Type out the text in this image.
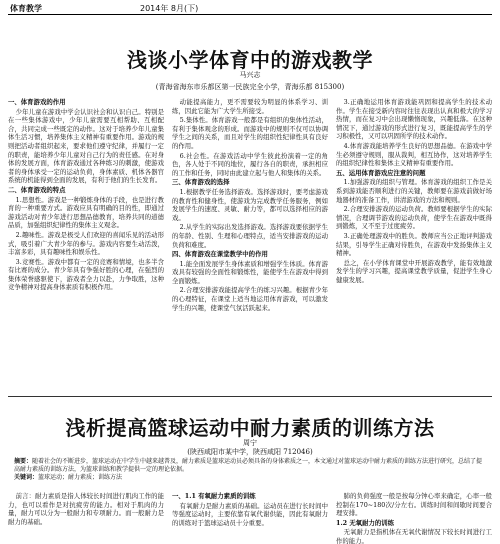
体育教学	2014年 8月(下)
浅谈小学体育中的游戏教学
马兴志
(青海省海东市乐都区第一民族完全小学，青海乐都 815300)

一、体育游戏的作用

少年儿童在游戏中学会认识社会和认识自己。特别是在一些集体游戏中，少年儿童需要互相帮助、互相配合，共同完成一些既定的动作。这对于培养少年儿童集体生活习惯，培养集体主义精神有重要作用。游戏的规则把活动者组织起来，要求他们遵守纪律，并履行一定的职责，能培养少年儿童对自己行为的责任感。在对身体的发展方面，体育游戏通过各种练习的刺激，使游戏者的身体承受一定的运动负荷，身体素质、机体各器官系统的机能得到全面的发展，有利于他们的生长发育。

二、体育游戏的特点

1.思想性。游戏是一种锻炼身体的手段，也是进行教育的一种重要方式。游戏应具有明确的目的性，即通过游戏活动对青少年进行思想品德教育，培养共同的道德品质，加强组织纪律性的集体主义观念。

2.趣味性。游戏是极受人们欢迎的喜闻乐见的活动形式，吸引着广大青少年的参与。游戏内容要生动活泼，丰富多彩，具有趣味性和娱乐性。

3.竞赛性。游戏中都有一定的竞赛和情境，也多半含有比赛的成分。青少年具有争强好胜的心理，在强烈的集体荣誉感驱使下，游戏者全力以赴，力争取胜，这种竞争精神对提高身体素质有积极作用。

动能提高能力，更不需要较为明显的体系学习、训练，因此它能为广大学生所接受。

5.集体性。体育游戏一般都是有组织的集体性活动，有利于集体观念的形成。而游戏中的规则不仅可以协调学生之间的关系，而且对学生的组织性纪律性具有良好的作用。

6.社会性。在游戏活动中学生彼此扮演着一定的角色，各人处于不同的地位，履行各自的职责，承担相应的工作和任务，同时由此建立起与他人和集体的关系。

三、体育游戏的选择

1.根据教学任务选择游戏。选择游戏时，要考虑游戏的教育性和健身性，使游戏为完成教学任务服务，例如发展学生的速度、灵敏、耐力等，都可以选择相应的游戏。

2.从学生的实际出发选择游戏。选择游戏要依据学生的年龄、性别、生理和心理特点，适当安排游戏的运动负荷和难度。

四、体育游戏在课堂教学中的作用

1.能全面发展学生身体素质和增强学生体质。体育游戏具有较强的全面性和锻炼性，能使学生在游戏中得到全面锻炼。

2.合理安排游戏能提高学生的练习兴趣。根据青少年的心理特征，在课堂上适当地运用体育游戏，可以激发学生的兴趣，使课堂气氛活跃起来。

3.正确地运用体育游戏能巩固和提高学生的技术动作。学生在接受新内容时往往表现出认真和极大的学习热情，而在复习中会出现懒惰现象，兴趣低落。在这种情况下，通过游戏的形式进行复习，既能提高学生的学习积极性，又可以巩固所学的技术动作。

4.体育游戏能培养学生良好的思想品德。在游戏中学生必须遵守规则，服从裁判，相互协作，这对培养学生的组织纪律性和集体主义精神有重要作用。

五、运用体育游戏应注意的问题

1.加强游戏的组织与管理。体育游戏的组织工作是关系到游戏能否顺利进行的关键，教师要在游戏前做好场地器材的准备工作，讲清游戏的方法和规则。

2.合理安排游戏的运动负荷。教师要根据学生的实际情况，合理调节游戏的运动负荷，使学生在游戏中既得到锻炼，又不至于过度疲劳。

3.正确处理游戏中的胜负。教师应当公正地评判游戏结果，引导学生正确对待胜负，在游戏中发扬集体主义精神。

总之，在小学体育课堂中开展游戏教学，能有效地激发学生的学习兴趣，提高课堂教学质量，促进学生身心健康发展。

浅析提高篮球运动中耐力素质的训练方法
周宁
(陕西咸阳市某中学，陕西咸阳 712046)
摘要：随着社会的不断进步，篮球运动在中学生中越来越普及，耐力素质是篮球运动员必须具备的身体素质之一，本文通过对篮球运动中耐力素质的训练方法进行研究，总结了提高耐力素质的训练方法，为篮球训练和教学提供一定的理论依据。
关键词：篮球运动；耐力素质；训练方法

前言：耐力素质是指人体较长时间进行肌肉工作的能力，也可以看作是对抗疲劳的能力。相对于肌肉的力量，耐力可以分为一般耐力和专项耐力。而一般耐力是耐力的基础。

一、1.1 有氧耐力素质的训练

有氧耐力是耐力素质的基础。运动员在进行长时间中等强度运动时，主要依靠有氧代谢供能，因此有氧耐力的训练对于篮球运动员十分重要。

肺的负荷强度一般是按每分钟心率来确定，心率一般控制在170~180次/分左右。训练时间和间歇时间要合理安排。

1.2 无氧耐力的训练

无氧耐力是指机体在无氧代谢情况下较长时间进行工作的能力。
